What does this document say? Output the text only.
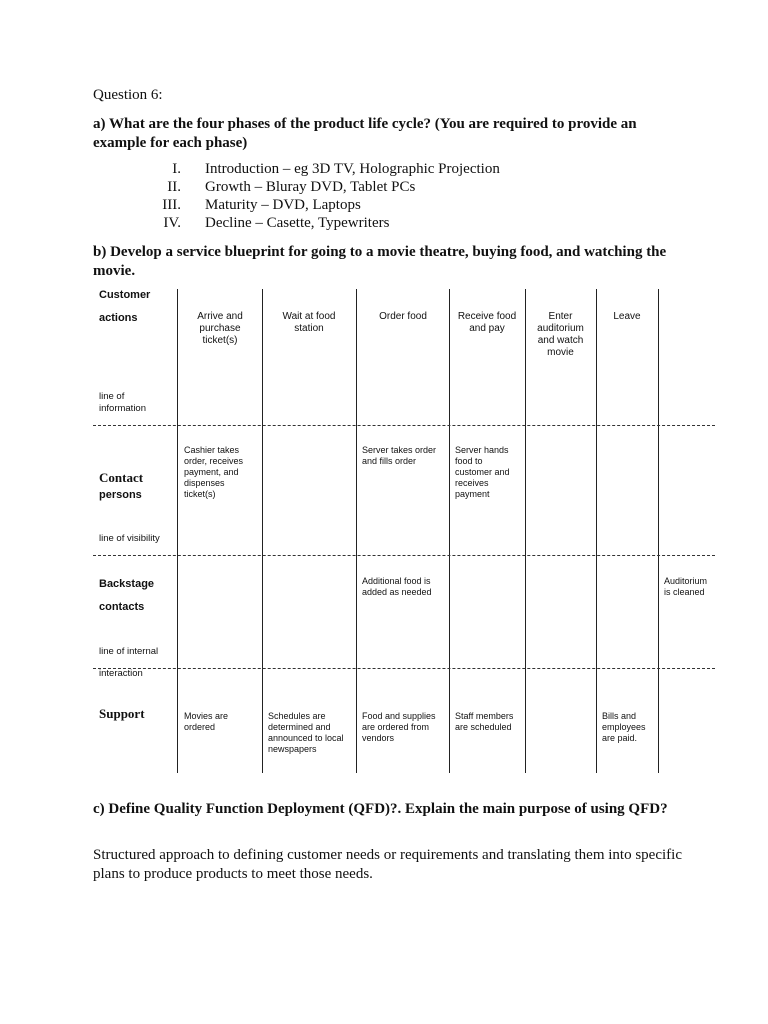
Question 6:
a) What are the four phases of the product life cycle? (You are required to provide an example for each phase)
I. Introduction – eg 3D TV, Holographic Projection
II. Growth – Bluray DVD, Tablet PCs
III. Maturity – DVD, Laptops
IV. Decline – Casette, Typewriters
b) Develop a service blueprint for going to a movie theatre, buying food, and watching the movie.
Customer
actions
line of
information
Contact
persons
line of visibility
Backstage
contacts
line of internal
interaction
Support
Arrive and purchase ticket(s)
Wait at food station
Order food	Receive food and pay
Enter auditorium and watch movie
Leave
Cashier takes order, receives payment, and dispenses ticket(s)
Server takes order and fills order
Server hands food to customer and receives payment
Additional food is added as needed
Auditorium is cleaned
Movies are ordered
Schedules are determined and announced to local newspapers
Food and supplies are ordered from vendors
Staff members are scheduled
Bills and employees are paid.
c) Define Quality Function Deployment (QFD)?. Explain the main purpose of using QFD?
Structured approach to defining customer needs or requirements and translating them into specific plans to produce products to meet those needs.
